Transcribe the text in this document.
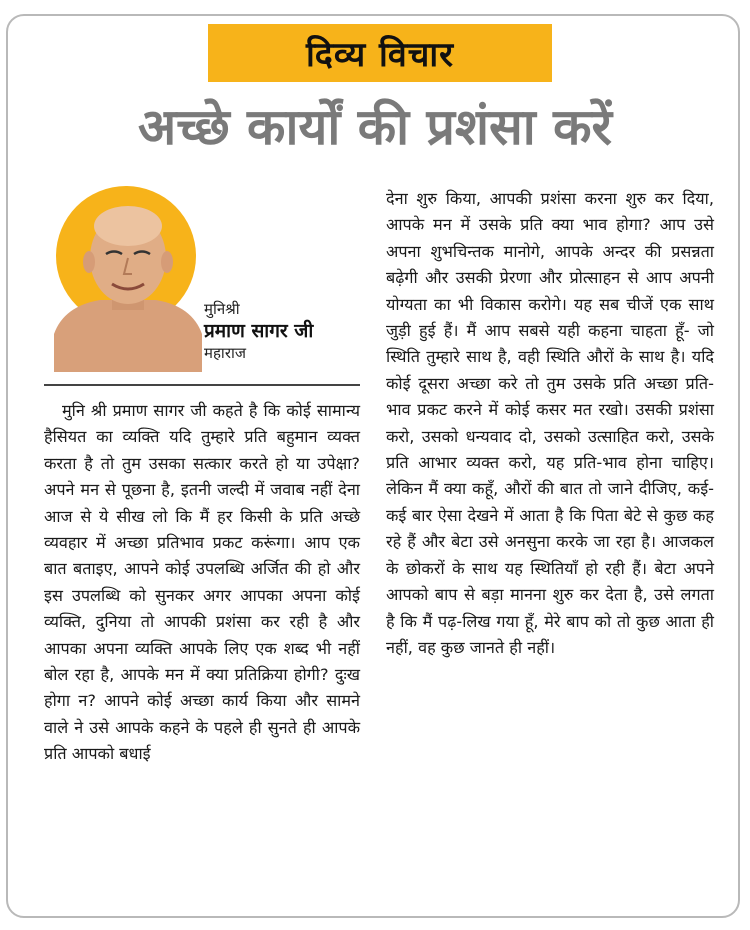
दिव्य विचार
अच्छे कार्यों की प्रशंसा करें
मुनिश्री
प्रमाण सागर जी
महाराज
मुनि श्री प्रमाण सागर जी कहते है कि कोई सामान्य हैसियत का व्यक्ति यदि तुम्हारे प्रति बहुमान व्यक्त करता है तो तुम उसका सत्कार करते हो या उपेक्षा? अपने मन से पूछना है, इतनी जल्दी में जवाब नहीं देना आज से ये सीख लो कि मैं हर किसी के प्रति अच्छे व्यवहार में अच्छा प्रतिभाव प्रकट करूंगा। आप एक बात बताइए, आपने कोई उपलब्धि अर्जित की हो और इस उपलब्धि को सुनकर अगर आपका अपना कोई व्यक्ति, दुनिया तो आपकी प्रशंसा कर रही है और आपका अपना व्यक्ति आपके लिए एक शब्द भी नहीं बोल रहा है, आपके मन में क्या प्रतिक्रिया होगी? दुःख होगा न? आपने कोई अच्छा कार्य किया और सामने वाले ने उसे आपके कहने के पहले ही सुनते ही आपके प्रति आपको बधाई
देना शुरु किया, आपकी प्रशंसा करना शुरु कर दिया, आपके मन में उसके प्रति क्या भाव होगा? आप उसे अपना शुभचिन्तक मानोगे, आपके अन्दर की प्रसन्नता बढ़ेगी और उसकी प्रेरणा और प्रोत्साहन से आप अपनी योग्यता का भी विकास करोगे। यह सब चीजें एक साथ जुड़ी हुई हैं। मैं आप सबसे यही कहना चाहता हूँ- जो स्थिति तुम्हारे साथ है, वही स्थिति औरों के साथ है। यदि कोई दूसरा अच्छा करे तो तुम उसके प्रति अच्छा प्रति-भाव प्रकट करने में कोई कसर मत रखो। उसकी प्रशंसा करो, उसको धन्यवाद दो, उसको उत्साहित करो, उसके प्रति आभार व्यक्त करो, यह प्रति-भाव होना चाहिए। लेकिन मैं क्या कहूँ, औरों की बात तो जाने दीजिए, कई-कई बार ऐसा देखने में आता है कि पिता बेटे से कुछ कह रहे हैं और बेटा उसे अनसुना करके जा रहा है। आजकल के छोकरों के साथ यह स्थितियाँ हो रही हैं। बेटा अपने आपको बाप से बड़ा मानना शुरु कर देता है, उसे लगता है कि मैं पढ़-लिख गया हूँ, मेरे बाप को तो कुछ आता ही नहीं, वह कुछ जानते ही नहीं।
